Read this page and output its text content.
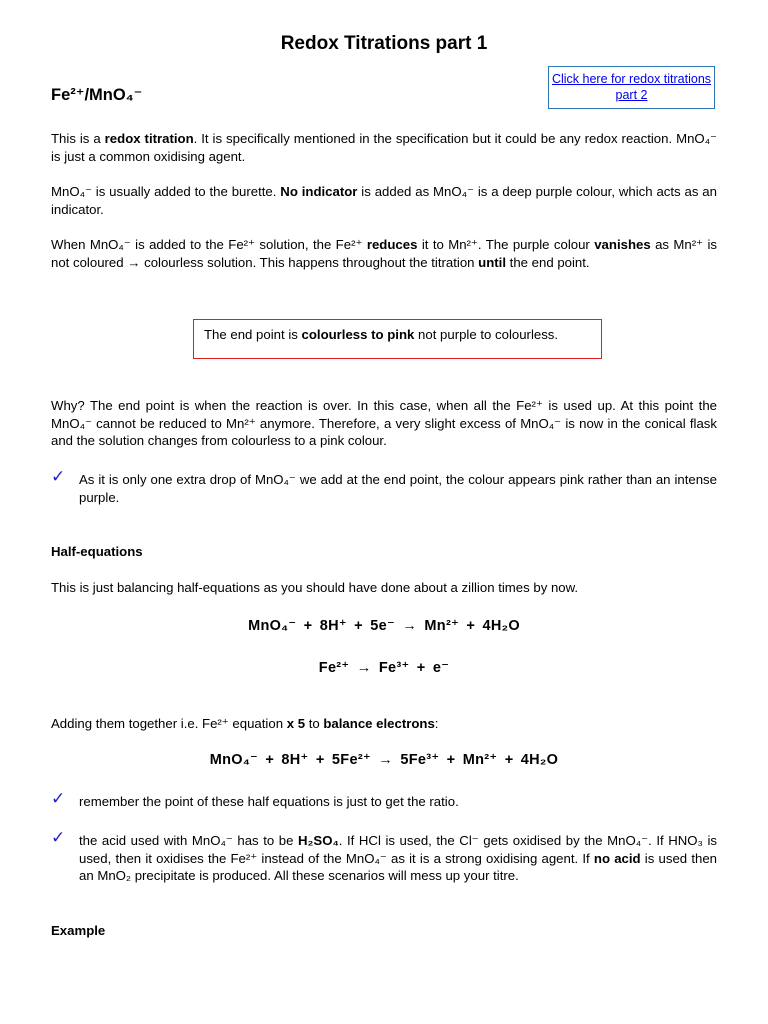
Redox Titrations part 1
Fe²⁺/MnO₄⁻
Click here for redox titrations part 2
This is a redox titration. It is specifically mentioned in the specification but it could be any redox reaction. MnO₄⁻ is just a common oxidising agent.
MnO₄⁻ is usually added to the burette. No indicator is added as MnO₄⁻ is a deep purple colour, which acts as an indicator.
When MnO₄⁻ is added to the Fe²⁺ solution, the Fe²⁺ reduces it to Mn²⁺. The purple colour vanishes as Mn²⁺ is not coloured → colourless solution. This happens throughout the titration until the end point.
The end point is colourless to pink not purple to colourless.
Why? The end point is when the reaction is over. In this case, when all the Fe²⁺ is used up. At this point the MnO₄⁻ cannot be reduced to Mn²⁺ anymore. Therefore, a very slight excess of MnO₄⁻ is now in the conical flask and the solution changes from colourless to a pink colour.
✓ As it is only one extra drop of MnO₄⁻ we add at the end point, the colour appears pink rather than an intense purple.
Half-equations
This is just balancing half-equations as you should have done about a zillion times by now.
MnO₄⁻ + 8H⁺ + 5e⁻ → Mn²⁺ + 4H₂O
Fe²⁺ → Fe³⁺ + e⁻
Adding them together i.e. Fe²⁺ equation x 5 to balance electrons:
MnO₄⁻ + 8H⁺ + 5Fe²⁺ → 5Fe³⁺ + Mn²⁺ + 4H₂O
✓ remember the point of these half equations is just to get the ratio.
✓ the acid used with MnO₄⁻ has to be H₂SO₄. If HCl is used, the Cl⁻ gets oxidised by the MnO₄⁻. If HNO₃ is used, then it oxidises the Fe²⁺ instead of the MnO₄⁻ as it is a strong oxidising agent. If no acid is used then an MnO₂ precipitate is produced. All these scenarios will mess up your titre.
Example
